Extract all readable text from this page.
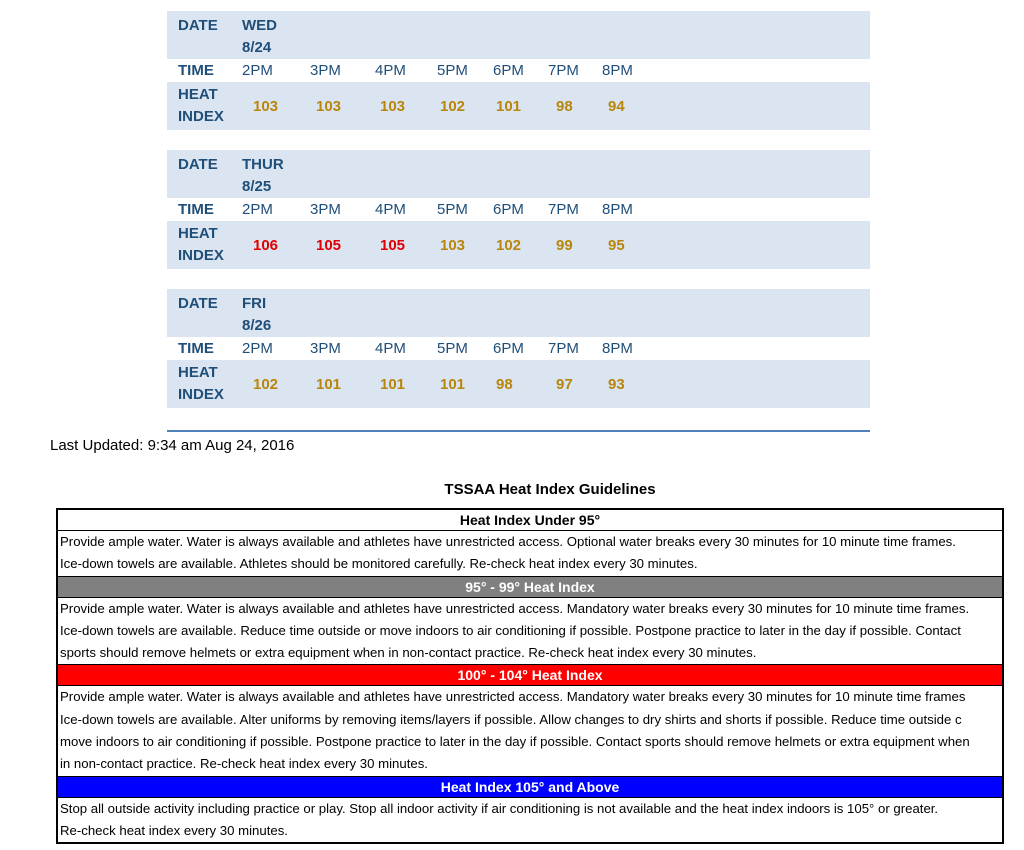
DATE	WED
8/24
TIME	2PM	3PM	4PM	5PM	6PM	7PM	8PM
HEAT
INDEX
103	103	103	102	101	98	94
DATE	THUR
8/25
TIME	2PM	3PM	4PM	5PM	6PM	7PM	8PM
HEAT
INDEX
106	105	105	103	102	99	95
DATE	FRI
8/26
TIME	2PM	3PM	4PM	5PM	6PM	7PM	8PM
HEAT
INDEX
102	101	101	101	98	97	93
Last Updated: 9:34 am Aug 24, 2016
TSSAA Heat Index Guidelines
Heat Index Under 95°
Provide ample water. Water is always available and athletes have unrestricted access. Optional water breaks every 30 minutes for 10 minute time frames.
Ice-down towels are available. Athletes should be monitored carefully. Re-check heat index every 30 minutes.
95° - 99° Heat Index
Provide ample water. Water is always available and athletes have unrestricted access. Mandatory water breaks every 30 minutes for 10 minute time frames.
Ice-down towels are available. Reduce time outside or move indoors to air conditioning if possible. Postpone practice to later in the day if possible. Contact
sports should remove helmets or extra equipment when in non-contact practice. Re-check heat index every 30 minutes.
100° - 104° Heat Index
Provide ample water. Water is always available and athletes have unrestricted access. Mandatory water breaks every 30 minutes for 10 minute time frames
Ice-down towels are available. Alter uniforms by removing items/layers if possible. Allow changes to dry shirts and shorts if possible. Reduce time outside c
move indoors to air conditioning if possible. Postpone practice to later in the day if possible. Contact sports should remove helmets or extra equipment when
in non-contact practice. Re-check heat index every 30 minutes.
Heat Index 105° and Above
Stop all outside activity including practice or play. Stop all indoor activity if air conditioning is not available and the heat index indoors is 105° or greater.
Re-check heat index every 30 minutes.
